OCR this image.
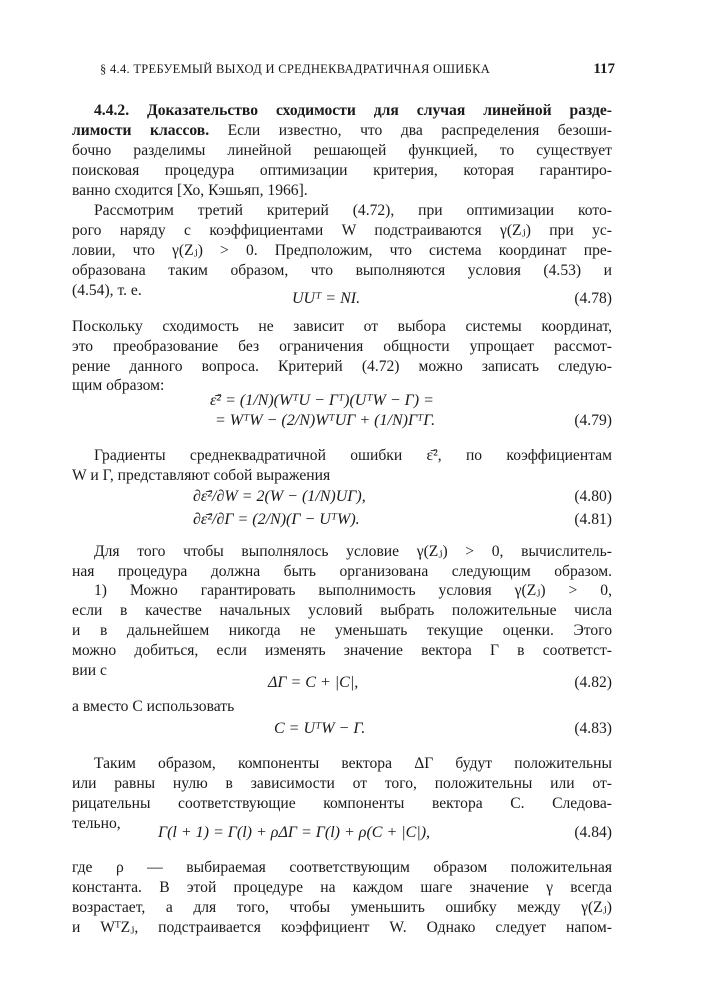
§ 4.4. ТРЕБУЕМЫЙ ВЫХОД И СРЕДНЕКВАДРАТИЧНАЯ ОШИБКА	117
4.4.2. Доказательство сходимости для случая линейной разде-
лимости классов. Если известно, что два распределения безоши-
бочно разделимы линейной решающей функцией, то существует
поисковая процедура оптимизации критерия, которая гарантиро-
ванно сходится [Хо, Кэшьяп, 1966].
Рассмотрим третий критерий (4.72), при оптимизации кото-
рого наряду с коэффициентами W подстраиваются γ(Zⱼ) при ус-
ловии, что γ(Zⱼ) > 0. Предположим, что система координат пре-
образована таким образом, что выполняются условия (4.53) и
(4.54), т. е.	UUᵀ = NI.	(4.78)
Поскольку сходимость не зависит от выбора системы координат,
это преобразование без ограничения общности упрощает рассмот-
рение данного вопроса. Критерий (4.72) можно записать следую-
щим образом:
ε̄² = (1/N)(WᵀU − Гᵀ)(UᵀW − Г) =
= WᵀW − (2/N)WᵀUГ + (1/N)ГᵀГ.	(4.79)
Градиенты среднеквадратичной ошибки ε̄², по коэффициентам
W и Г, представляют собой выражения
∂ε̄²/∂W = 2(W − (1/N)UГ),	(4.80)
∂ε̄²/∂Г = (2/N)(Г − UᵀW).	(4.81)
Для того чтобы выполнялось условие γ(Zⱼ) > 0, вычислитель-
ная процедура должна быть организована следующим образом.
1) Можно гарантировать выполнимость условия γ(Zⱼ) > 0,
если в качестве начальных условий выбрать положительные числа
и в дальнейшем никогда не уменьшать текущие оценки. Этого
можно добиться, если изменять значение вектора Г в соответст-
вии с
ΔГ = C + |C|,	(4.82)
а вместо C использовать
C = UᵀW − Г.	(4.83)
Таким образом, компоненты вектора ΔГ будут положительны
или равны нулю в зависимости от того, положительны или от-
рицательны соответствующие компоненты вектора C. Следова-
тельно,
Г(l + 1) = Г(l) + ρΔГ = Г(l) + ρ(C + |C|),	(4.84)
где ρ — выбираемая соответствующим образом положительная
константа. В этой процедуре на каждом шаге значение γ всегда
возрастает, а для того, чтобы уменьшить ошибку между γ(Zⱼ)
и WᵀZⱼ, подстраивается коэффициент W. Однако следует напом-
